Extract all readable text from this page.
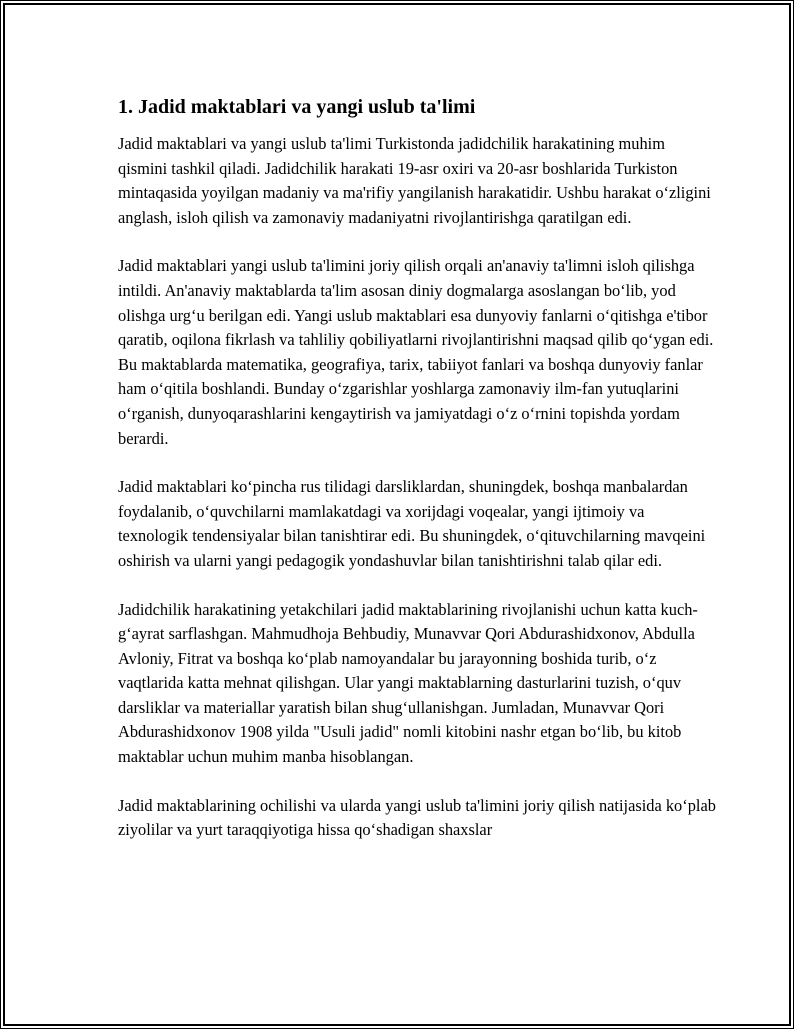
1. Jadid maktablari va yangi uslub ta'limi

Jadid maktablari va yangi uslub ta'limi Turkistonda jadidchilik harakatining muhim qismini tashkil qiladi. Jadidchilik harakati 19-asr oxiri va 20-asr boshlarida Turkiston mintaqasida yoyilgan madaniy va ma'rifiy yangilanish harakatidir. Ushbu harakat o‘zligini anglash, isloh qilish va zamonaviy madaniyatni rivojlantirishga qaratilgan edi.

Jadid maktablari yangi uslub ta'limini joriy qilish orqali an'anaviy ta'limni isloh qilishga intildi. An'anaviy maktablarda ta'lim asosan diniy dogmalarga asoslangan bo‘lib, yod olishga urg‘u berilgan edi. Yangi uslub maktablari esa dunyoviy fanlarni o‘qitishga e'tibor qaratib, oqilona fikrlash va tahliliy qobiliyatlarni rivojlantirishni maqsad qilib qo‘ygan edi. Bu maktablarda matematika, geografiya, tarix, tabiiyot fanlari va boshqa dunyoviy fanlar ham o‘qitila boshlandi. Bunday o‘zgarishlar yoshlarga zamonaviy ilm-fan yutuqlarini o‘rganish, dunyoqarashlarini kengaytirish va jamiyatdagi o‘z o‘rnini topishda yordam berardi.

Jadid maktablari ko‘pincha rus tilidagi darsliklardan, shuningdek, boshqa manbalardan foydalanib, o‘quvchilarni mamlakatdagi va xorijdagi voqealar, yangi ijtimoiy va texnologik tendensiyalar bilan tanishtirar edi. Bu shuningdek, o‘qituvchilarning mavqeini oshirish va ularni yangi pedagogik yondashuvlar bilan tanishtirishni talab qilar edi.

Jadidchilik harakatining yetakchilari jadid maktablarining rivojlanishi uchun katta kuch-g‘ayrat sarflashgan. Mahmudhoja Behbudiy, Munavvar Qori Abdurashidxonov, Abdulla Avloniy, Fitrat va boshqa ko‘plab namoyandalar bu jarayonning boshida turib, o‘z vaqtlarida katta mehnat qilishgan. Ular yangi maktablarning dasturlarini tuzish, o‘quv darsliklar va materiallar yaratish bilan shug‘ullanishgan. Jumladan, Munavvar Qori Abdurashidxonov 1908 yilda "Usuli jadid" nomli kitobini nashr etgan bo‘lib, bu kitob maktablar uchun muhim manba hisoblangan.

Jadid maktablarining ochilishi va ularda yangi uslub ta'limini joriy qilish natijasida ko‘plab ziyolilar va yurt taraqqiyotiga hissa qo‘shadigan shaxslar
